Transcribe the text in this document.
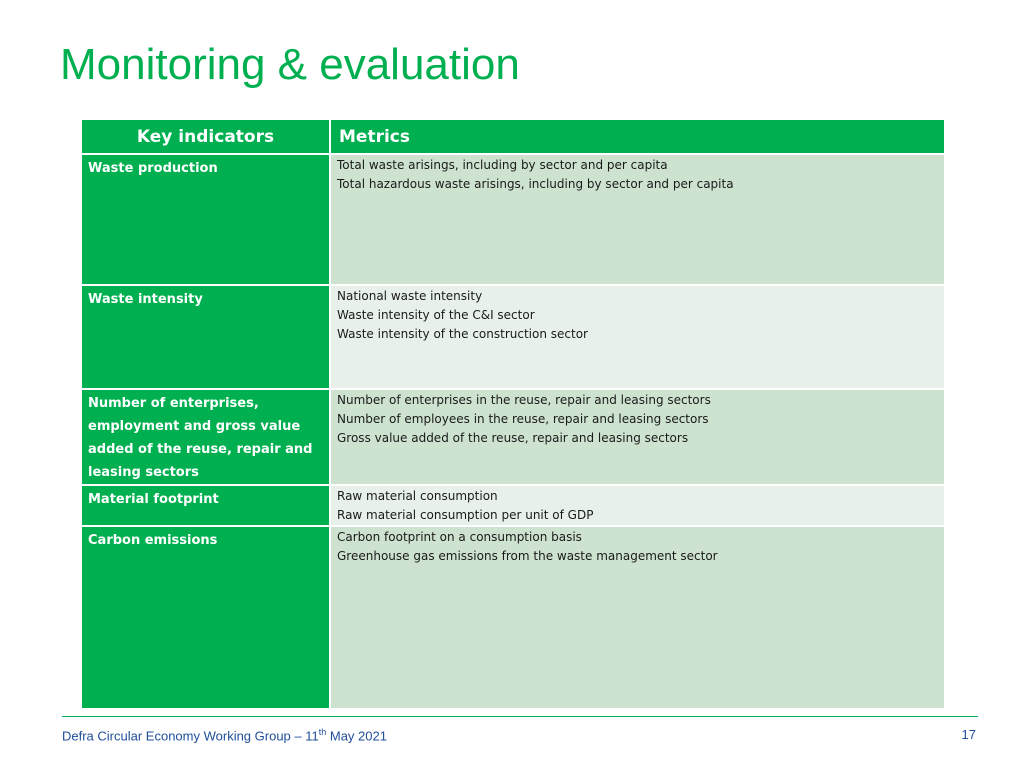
Monitoring & evaluation
Key indicators	Metrics
Waste production	Total waste arisings, including by sector and per capita
Total hazardous waste arisings, including by sector and per capita

Waste intensity	National waste intensity
Waste intensity of the C&I sector
Waste intensity of the construction sector

Number of enterprises, employment and gross value added of the reuse, repair and leasing sectors	Number of enterprises in the reuse, repair and leasing sectors
Number of employees in the reuse, repair and leasing sectors
Gross value added of the reuse, repair and leasing sectors

Material footprint	Raw material consumption
Raw material consumption per unit of GDP

Carbon emissions	Carbon footprint on a consumption basis
Greenhouse gas emissions from the waste management sector
Defra Circular Economy Working Group – 11th May 2021	17
